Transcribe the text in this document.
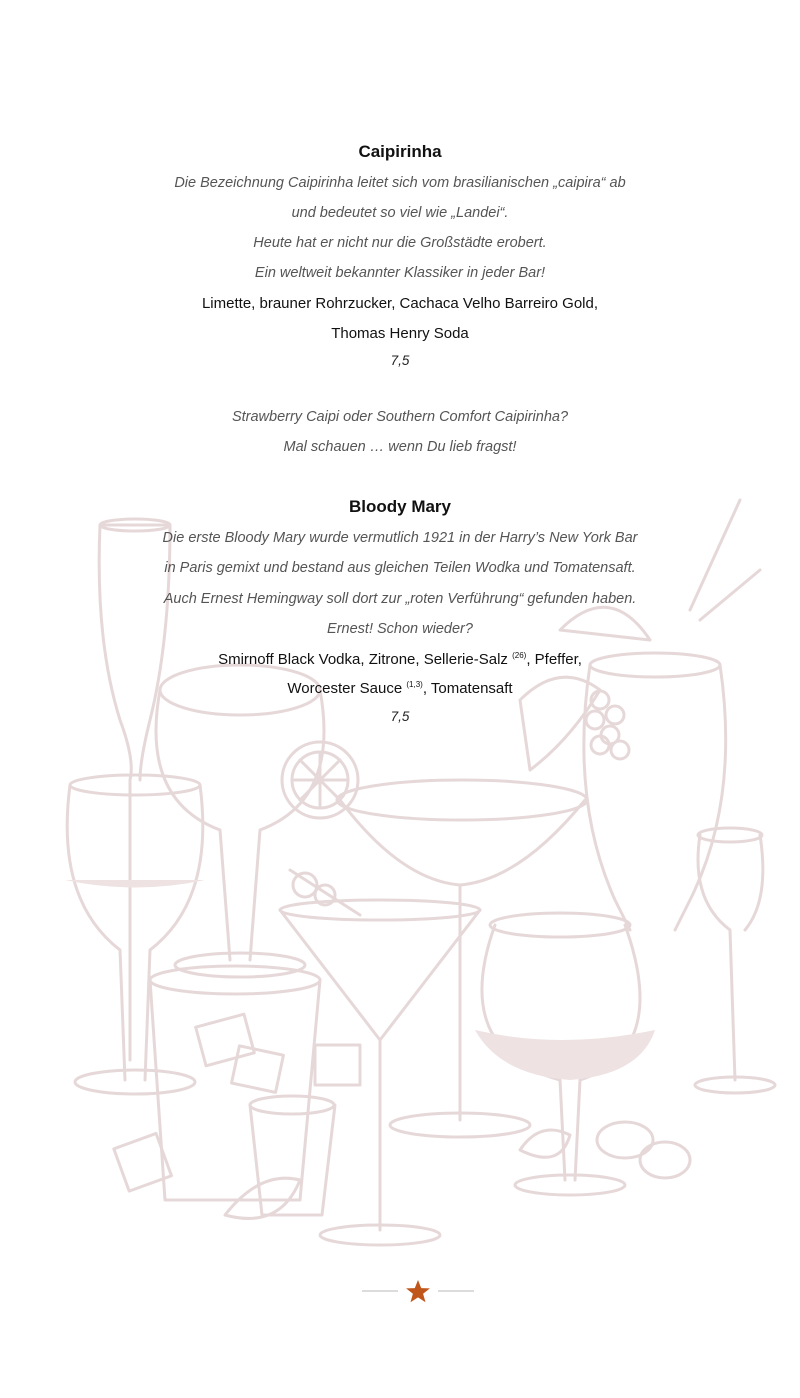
Caipirinha
Die Bezeichnung Caipirinha leitet sich vom brasilianischen „caipira“ ab
und bedeutet so viel wie „Landei“.
Heute hat er nicht nur die Großstädte erobert.
Ein weltweit bekannter Klassiker in jeder Bar!
Limette, brauner Rohrzucker, Cachaca Velho Barreiro Gold,
Thomas Henry Soda
7,5
Strawberry Caipi oder Southern Comfort Caipirinha?
Mal schauen … wenn Du lieb fragst!
Bloody Mary
Die erste Bloody Mary wurde vermutlich 1921 in der Harry’s New York Bar
in Paris gemixt und bestand aus gleichen Teilen Wodka und Tomatensaft.
Auch Ernest Hemingway soll dort zur „roten Verführung“ gefunden haben.
Ernest! Schon wieder?
Smirnoff Black Vodka, Zitrone, Sellerie-Salz $^{(26)}$, Pfeffer,
Worcester Sauce $^{(1,3)}$, Tomatensaft
7,5
